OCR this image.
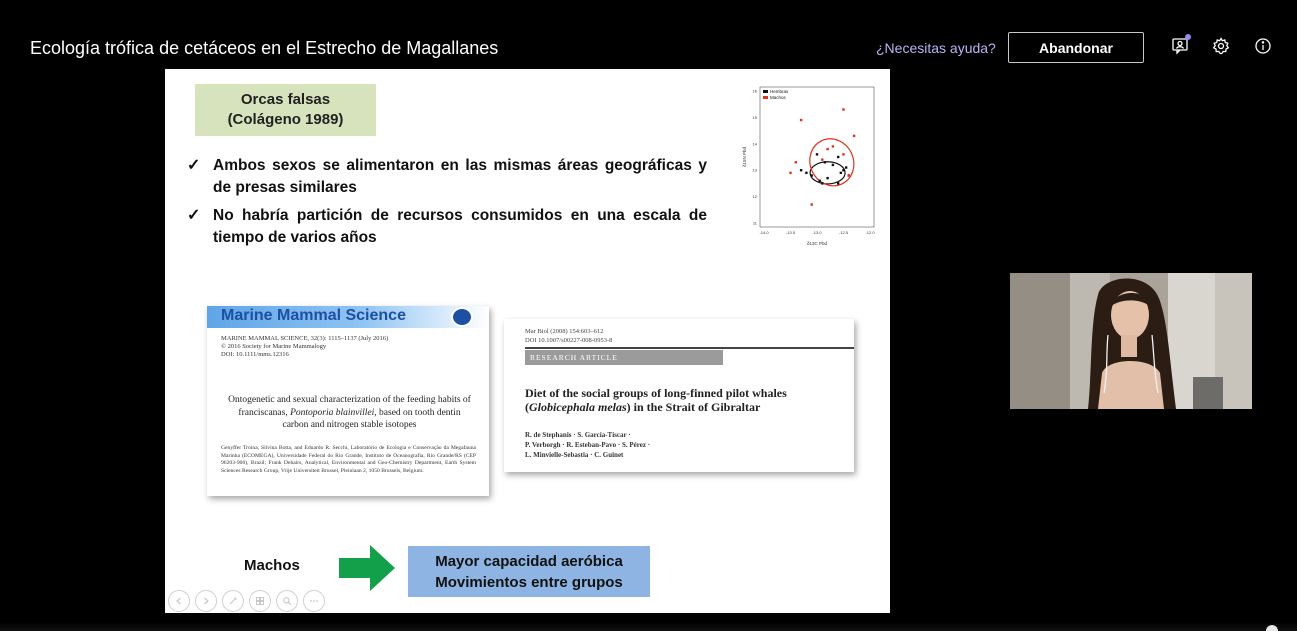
Ecología trófica de cetáceos en el Estrecho de Magallanes	¿Necesitas ayuda?	Abandonar
Orcas falsas
(Colágeno 1989)
✓ Ambos sexos se alimentaron en las mismas áreas geográficas y de presas similares
✓ No habría partición de recursos consumidos en una escala de tiempo de varios años
Hembras
Machos
δ13C Pbd
δ15N Pbd
-14.0	-13.5	-13.0	-12.5	-12.0
16
15
14
13
12
11
Marine Mammal Science
MARINE MAMMAL SCIENCE, 32(3): 1115–1137 (July 2016)
© 2016 Society for Marine Mammalogy
DOI: 10.1111/mms.12316
Ontogenetic and sexual characterization of the feeding habits of franciscanas, Pontoporia blainvillei, based on tooth dentin carbon and nitrogen stable isotopes
Genyffer Troina, Silvina Botta, and Eduardo R. Secchi, Laboratório de Ecologia e Conservação da Megafauna Marinha (ECOMEGA), Universidade Federal do Rio Grande, Instituto de Oceanografia, Rio Grande/RS (CEP 96203-900), Brazil; Frank Dehairs, Analytical, Environmental and Geo-Chemistry Department, Earth System Sciences Research Group, Vrije Universiteit Brussel, Pleinlaan 2, 1050 Brussels, Belgium.
Mar Biol (2008) 154:603–612
DOI 10.1007/s00227-008-0953-8
RESEARCH ARTICLE
Diet of the social groups of long-finned pilot whales (Globicephala melas) in the Strait of Gibraltar
R. de Stephanis · S. García-Tíscar ·
P. Verborgh · R. Esteban-Pavo · S. Pérez ·
L. Minvielle-Sebastia · C. Guinet
Machos	Mayor capacidad aeróbica
Movimientos entre grupos
